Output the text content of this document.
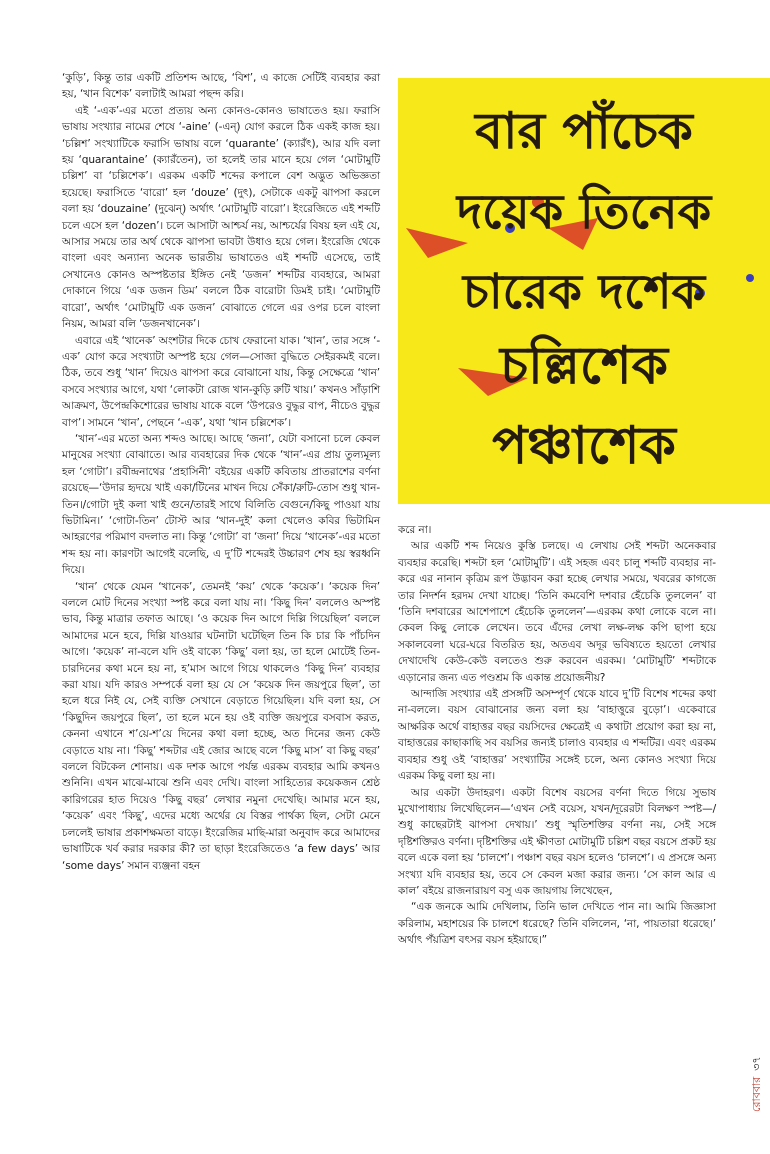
‘কুড়ি’, কিন্তু তার একটি প্রতিশব্দ আছে, ‘বিশ’, এ কাজে সেটিই ব্যবহার করা হয়, ‘খান বিশেক’ বলাটাই আমরা পছন্দ করি।

এই ‘-এক’-এর মতো প্রত্যয় অন্য কোনও-কোনও ভাষাতেও হয়। ফরাসি ভাষায় সংখ্যার নামের শেষে ‘-aine’ (-এন্) যোগ করলে ঠিক একই কাজ হয়। ‘চল্লিশ’ সংখ্যাটিকে ফরাসি ভাষায় বলে ‘quarante’ (ক্যারঁৎ), আর যদি বলা হয় ‘quarantaine’ (ক্যারঁতেন), তা হলেই তার মানে হয়ে গেল ‘মোটামুটি চল্লিশ’ বা ‘চল্লিশেক’। এরকম একটি শব্দের কপালে বেশ অদ্ভুত অভিজ্ঞতা হয়েছে। ফরাসিতে ‘বারো’ হল ‘douze’ (দুৎ), সেটাকে একটু ঝাপসা করলে বলা হয় ‘douzaine’ (দুঝেন্) অর্থাৎ ‘মোটামুটি বারো’। ইংরেজিতে এই শব্দটি চলে এসে হল ‘dozen’। চলে আসাটা আশ্চর্য নয়, আশ্চর্যের বিষয় হল এই যে, আসার সময়ে তার অর্থ থেকে ঝাপসা ভাবটা উধাও হয়ে গেল। ইংরেজি থেকে বাংলা এবং অন্যান্য অনেক ভারতীয় ভাষাতেও এই শব্দটি এসেছে, তাই সেখানেও কোনও অস্পষ্টতার ইঙ্গিত নেই ‘ডজন’ শব্দটির ব্যবহারে, আমরা দোকানে গিয়ে ‘এক ডজন ডিম’ বললে ঠিক বারোটা ডিমই চাই। ‘মোটামুটি বারো’, অর্থাৎ ‘মোটামুটি এক ডজন’ বোঝাতে গেলে এর ওপর চলে বাংলা নিয়ম, আমরা বলি ‘ডজনখানেক’।

এবারে এই ‘খানেক’ অংশটার দিকে চোখ ফেরানো যাক। ‘খান’, তার সঙ্গে ‘-এক’ যোগ করে সংখ্যাটা অস্পষ্ট হয়ে গেল—সোজা বুদ্ধিতে সেইরকমই বলে। ঠিক, তবে শুধু ‘খান’ দিয়েও ঝাপসা করে বোঝানো যায়, কিন্তু সেক্ষেত্রে ‘খান’ বসবে সংখ্যার আগে, যথা ‘লোকটা রোজ খান-কুড়ি রুটি খায়।’ কখনও সাঁড়াশি আক্রমণ, উপেন্দ্রকিশোরের ভাষায় যাকে বলে ‘উপরেও বুদ্ধুর বাপ, নীচেও বুদ্ধুর বাপ’। সামনে ‘খান’, পেছনে ‘-এক’, যথা ‘খান চল্লিশেক’।

‘খান’-এর মতো অন্য শব্দও আছে। আছে ‘জনা’, যেটা বসানো চলে কেবল মানুষের সংখ্যা বোঝাতে। আর ব্যবহারের দিক থেকে ‘খান’-এর প্রায় তুল্যমূল্য হল ‘গোটা’। রবীন্দ্রনাথের ‘প্রহাসিনী’ বইয়ের একটি কবিতায় প্রাতরাশের বর্ণনা রয়েছে—‘উদার হৃদয়ে খাই একা/টিনের মাখন দিয়ে সেঁকা/রুটি-তোস শুধু খান-তিন।/গোটা দুই কলা খাই গুনে/তারই সাথে বিলিতি বেগুনে/কিছু পাওয়া যায় ভিটামিন।’ ‘গোটা-তিন’ টোস্ট আর ‘খান-দুই’ কলা খেলেও কবির ভিটামিন আহরণের পরিমাণ বদলাত না। কিন্তু ‘গোটা’ বা ‘জনা’ দিয়ে ‘খানেক’-এর মতো শব্দ হয় না। কারণটা আগেই বলেছি, এ দু’টি শব্দেরই উচ্চারণ শেষ হয় স্বরধ্বনি দিয়ে।

‘খান’ থেকে যেমন ‘খানেক’, তেমনই ‘কয়’ থেকে ‘কয়েক’। ‘কয়েক দিন’ বললে মোট দিনের সংখ্যা স্পষ্ট করে বলা যায় না। ‘কিছু দিন’ বললেও অস্পষ্ট ভাব, কিন্তু মাত্রার তফাত আছে। ‘ও কয়েক দিন আগে দিল্লি গিয়েছিল’ বললে আমাদের মনে হবে, দিল্লি যাওয়ার ঘটনাটা ঘটেছিল তিন কি চার কি পাঁচদিন আগে। ‘কয়েক’ না-বলে যদি ওই বাক্যে ‘কিছু’ বলা হয়, তা হলে মোটেই তিন-চারদিনের কথা মনে হয় না, হ’মাস আগে গিয়ে থাকলেও ‘কিছু দিন’ ব্যবহার করা যায়। যদি কারও সম্পর্কে বলা হয় যে সে ‘কয়েক দিন জয়পুরে ছিল’, তা হলে ধরে নিই যে, সেই ব্যক্তি সেখানে বেড়াতে গিয়েছিল। যদি বলা হয়, সে ‘কিছুদিন জয়পুরে ছিল’, তা হলে মনে হয় ওই ব্যক্তি জয়পুরে বসবাস করত, কেননা এখানে শ’য়ে-শ’য়ে দিনের কথা বলা হচ্ছে, অত দিনের জন্য কেউ বেড়াতে যায় না। ‘কিছু’ শব্দটার এই জোর আছে বলে ‘কিছু মাস’ বা কিছু বছর’ বললে বিটকেল শোনায়। এক দশক আগে পর্যন্ত এরকম ব্যবহার আমি কখনও শুনিনি। এখন মাঝে-মাঝে শুনি এবং দেখি। বাংলা সাহিত্যের কয়েকজন শ্রেষ্ঠ কারিগরের হাত দিয়েও ‘কিছু বছর’ লেখার নমুনা দেখেছি। আমার মনে হয়, ‘কয়েক’ এবং ‘কিছু’, এদের মধ্যে অর্থের যে বিস্তর পার্থক্য ছিল, সেটা মেনে চললেই ভাষার প্রকাশক্ষমতা বাড়ে। ইংরেজির মাছি-মারা অনুবাদ করে আমাদের ভাষাটিকে খর্ব করার দরকার কী? তা ছাড়া ইংরেজিতেও ‘a few days’ আর ‘some days’ সমান ব্যঞ্জনা বহন

বার পাঁচেক
দয়েক তিনেক
চারেক দশেক
চল্লিশেক
পঞ্চাশেক

করে না।

আর একটি শব্দ নিয়েও কুস্তি চলছে। এ লেখায় সেই শব্দটা অনেকবার ব্যবহার করেছি। শব্দটা হল ‘মোটামুটি’। এই সহজ এবং চালু শব্দটি ব্যবহার না-করে এর নানান কৃত্রিম রূপ উদ্ভাবন করা হচ্ছে লেখার সময়ে, খবরের কাগজে তার নিদর্শন হরদম দেখা যাচ্ছে। ‘তিনি কমবেশি দশবার হেঁচেকি তুললেন’ বা ‘তিনি দশবারের আশেপাশে হেঁচেকি তুললেন’—এরকম কথা লোকে বলে না। কেবল কিছু লোকে লেখেন। তবে এঁদের লেখা লক্ষ-লক্ষ কপি ছাপা হয়ে সকালবেলা ঘরে-ঘরে বিতরিত হয়, অতএব অদূর ভবিষ্যতে হয়তো লেখার দেখাদেখি কেউ-কেউ বলতেও শুরু করবেন এরকম। ‘মোটামুটি’ শব্দটাকে এড়ানোর জন্য এত পণ্ডশ্রম কি একান্ত প্রয়োজনীয়?

আন্দাজি সংখ্যার এই প্রসঙ্গটি অসম্পূর্ণ থেকে যাবে দু’টি বিশেষ শব্দের কথা না-বললে। বয়স বোঝানোর জন্য বলা হয় ‘বাহাত্তুরে বুড়ো’। একেবারে আক্ষরিক অর্থে বাহাত্তর বছর বয়সিদের ক্ষেত্রেই এ কথাটা প্রয়োগ করা হয় না, বাহাত্তরের কাছাকাছি সব বয়সির জন্যই চালাও ব্যবহার এ শব্দটির। এবং এরকম ব্যবহার শুধু ওই ‘বাহাত্তর’ সংখ্যাটির সঙ্গেই চলে, অন্য কোনও সংখ্যা দিয়ে এরকম কিছু বলা হয় না।

আর একটা উদাহরণ। একটা বিশেষ বয়সের বর্ণনা দিতে গিয়ে সুভাষ মুখোপাধ্যায় লিখেছিলেন—‘এখন সেই বয়েস, যখন/দূরেরটা বিলক্ষণ স্পষ্ট—/শুধু কাছেরটাই ঝাপসা দেখায়।’ শুধু স্মৃতিশক্তির বর্ণনা নয়, সেই সঙ্গে দৃষ্টিশক্তিরও বর্ণনা। দৃষ্টিশক্তির এই ক্ষীণতা মোটামুটি চল্লিশ বছর বয়সে প্রকট হয় বলে একে বলা হয় ‘চালশে’। পঞ্চাশ বছর বয়স হলেও ‘চালশে’। এ প্রসঙ্গে অন্য সংখ্যা যদি ব্যবহার হয়, তবে সে কেবল মজা করার জন্য। ‘সে কাল আর এ কাল’ বইয়ে রাজনারায়ণ বসু এক জায়গায় লিখেছেন,

“এক জনকে আমি দেখিলাম, তিনি ভাল দেখিতে পান না। আমি জিজ্ঞাসা করিলাম, মহাশয়ের কি চালশে ধরেছে? তিনি বলিলেন, ‘না, পায়তারা ধরেছে।’ অর্থাৎ পঁয়ত্রিশ বৎসর বয়স হইয়াছে।”

রোববার৩৭
